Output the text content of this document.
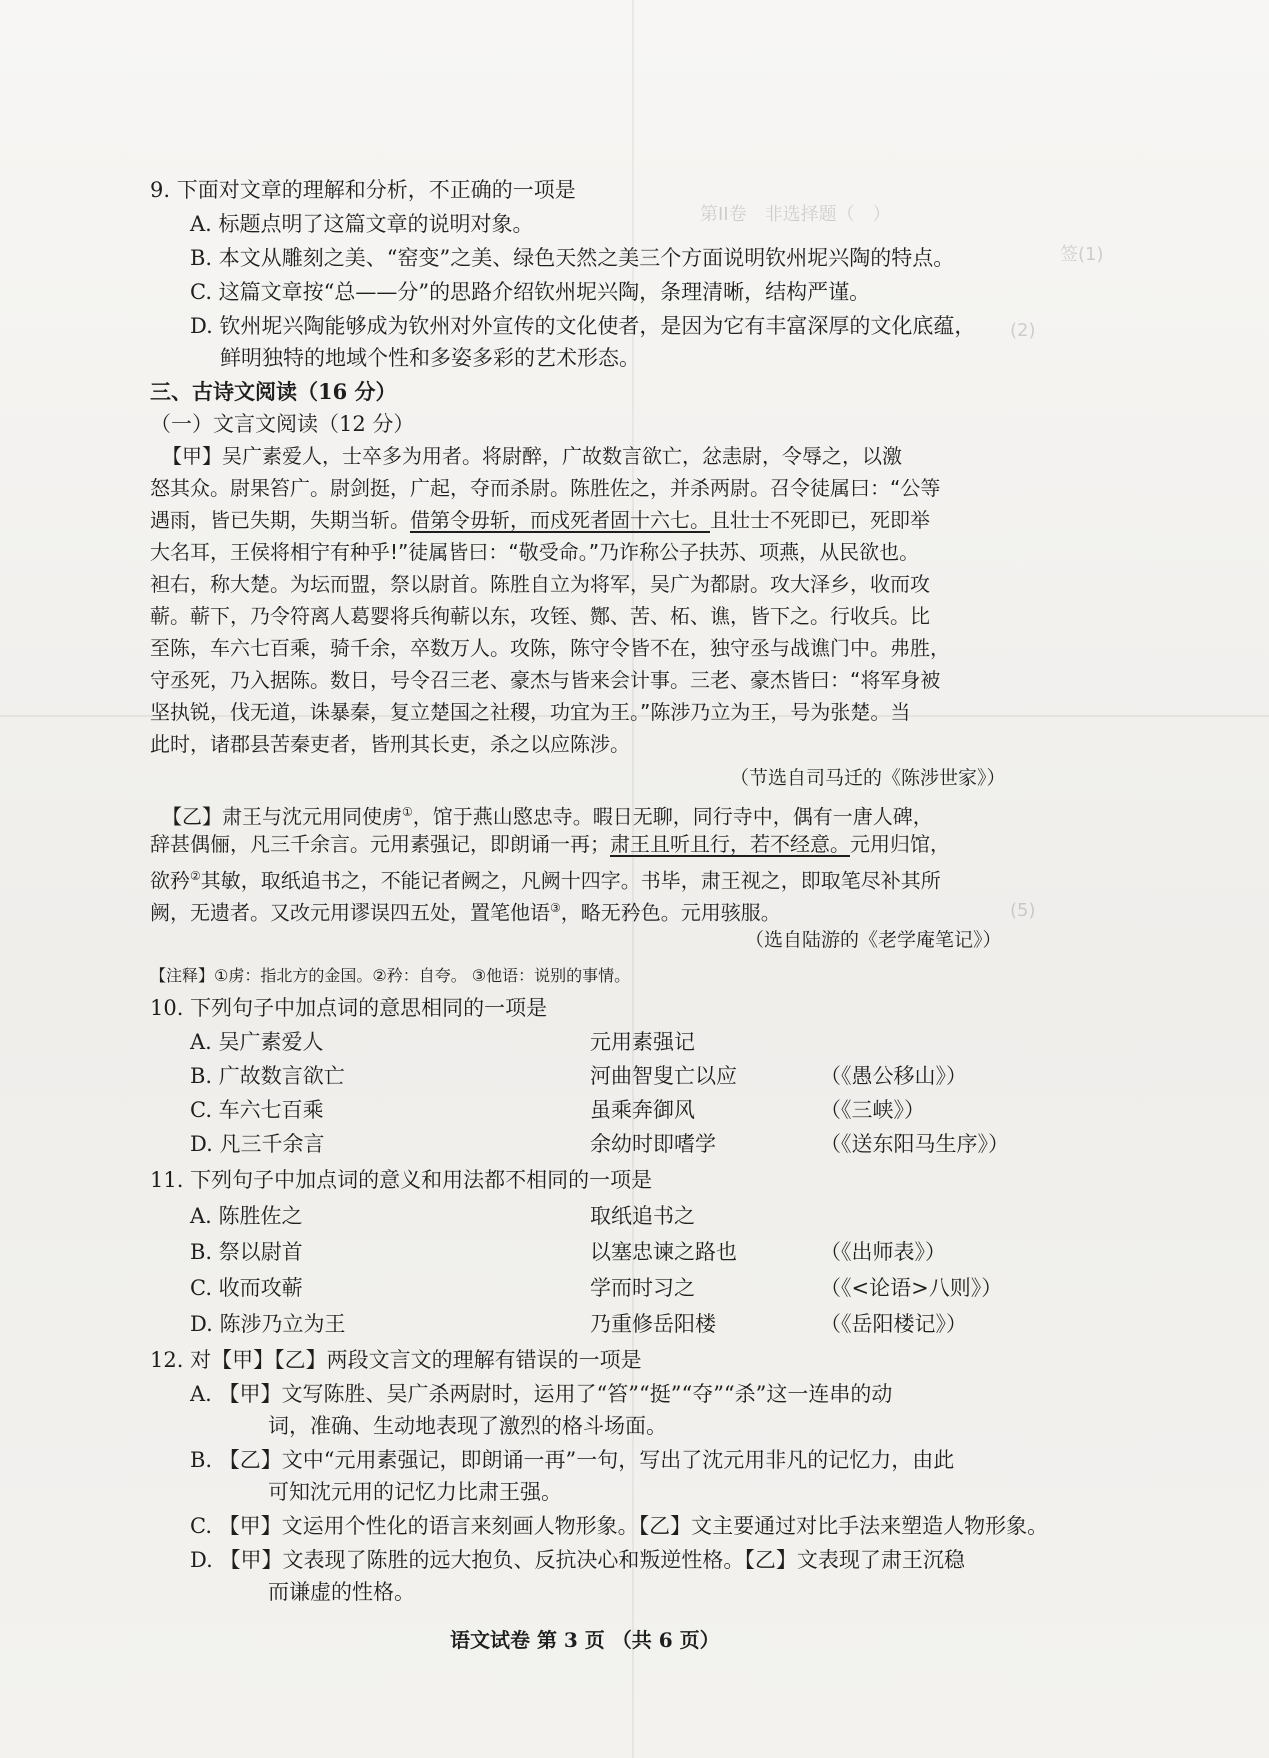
第II卷　非选择题（　）
签(1)
(2)
(5)
9. 下面对文章的理解和分析，不正确的一项是
A. 标题点明了这篇文章的说明对象。
B. 本文从雕刻之美、“窑变”之美、绿色天然之美三个方面说明钦州坭兴陶的特点。
C. 这篇文章按“总——分”的思路介绍钦州坭兴陶，条理清晰，结构严谨。
D. 钦州坭兴陶能够成为钦州对外宣传的文化使者，是因为它有丰富深厚的文化底蕴，
鲜明独特的地域个性和多姿多彩的艺术形态。
三、古诗文阅读（16 分）
（一）文言文阅读（12 分）
【甲】吴广素爱人，士卒多为用者。将尉醉，广故数言欲亡，忿恚尉，令辱之，以激
怒其众。尉果笞广。尉剑挺，广起，夺而杀尉。陈胜佐之，并杀两尉。召令徒属曰：“公等
遇雨，皆已失期，失期当斩。借第令毋斩，而戍死者固十六七。且壮士不死即已，死即举
大名耳，王侯将相宁有种乎!”徒属皆曰：“敬受命。”乃诈称公子扶苏、项燕，从民欲也。
袒右，称大楚。为坛而盟，祭以尉首。陈胜自立为将军，吴广为都尉。攻大泽乡，收而攻
蕲。蕲下，乃令符离人葛婴将兵徇蕲以东，攻铚、酂、苦、柘、谯，皆下之。行收兵。比
至陈，车六七百乘，骑千余，卒数万人。攻陈，陈守令皆不在，独守丞与战谯门中。弗胜，
守丞死，乃入据陈。数日，号令召三老、豪杰与皆来会计事。三老、豪杰皆曰：“将军身被
坚执锐，伐无道，诛暴秦，复立楚国之社稷，功宜为王。”陈涉乃立为王，号为张楚。当
此时，诸郡县苦秦吏者，皆刑其长吏，杀之以应陈涉。
（节选自司马迁的《陈涉世家》）
【乙】肃王与沈元用同使虏①，馆于燕山愍忠寺。暇日无聊，同行寺中，偶有一唐人碑，
辞甚偶俪，凡三千余言。元用素强记，即朗诵一再；肃王且听且行，若不经意。元用归馆，
欲矜②其敏，取纸追书之，不能记者阙之，凡阙十四字。书毕，肃王视之，即取笔尽补其所
阙，无遗者。又改元用谬误四五处，置笔他语③，略无矜色。元用骇服。
（选自陆游的《老学庵笔记》）
【注释】①虏：指北方的金国。②矜：自夸。 ③他语：说别的事情。
10. 下列句子中加点词的意思相同的一项是
A. 吴广素爱人	元用素强记
B. 广故数言欲亡	河曲智叟亡以应	（《愚公移山》）
C. 车六七百乘	虽乘奔御风	（《三峡》）
D. 凡三千余言	余幼时即嗜学	（《送东阳马生序》）
11. 下列句子中加点词的意义和用法都不相同的一项是
A. 陈胜佐之	取纸追书之
B. 祭以尉首	以塞忠谏之路也	（《出师表》）
C. 收而攻蕲	学而时习之	（《<论语>八则》）
D. 陈涉乃立为王	乃重修岳阳楼	（《岳阳楼记》）
12. 对【甲】【乙】两段文言文的理解有错误的一项是
A. 【甲】文写陈胜、吴广杀两尉时，运用了“笞”“挺”“夺”“杀”这一连串的动
词，准确、生动地表现了激烈的格斗场面。
B. 【乙】文中“元用素强记，即朗诵一再”一句，写出了沈元用非凡的记忆力，由此
可知沈元用的记忆力比肃王强。
C. 【甲】文运用个性化的语言来刻画人物形象。【乙】文主要通过对比手法来塑造人物形象。
D. 【甲】文表现了陈胜的远大抱负、反抗决心和叛逆性格。【乙】文表现了肃王沉稳
而谦虚的性格。
语文试卷 第 3 页 （共 6 页）
